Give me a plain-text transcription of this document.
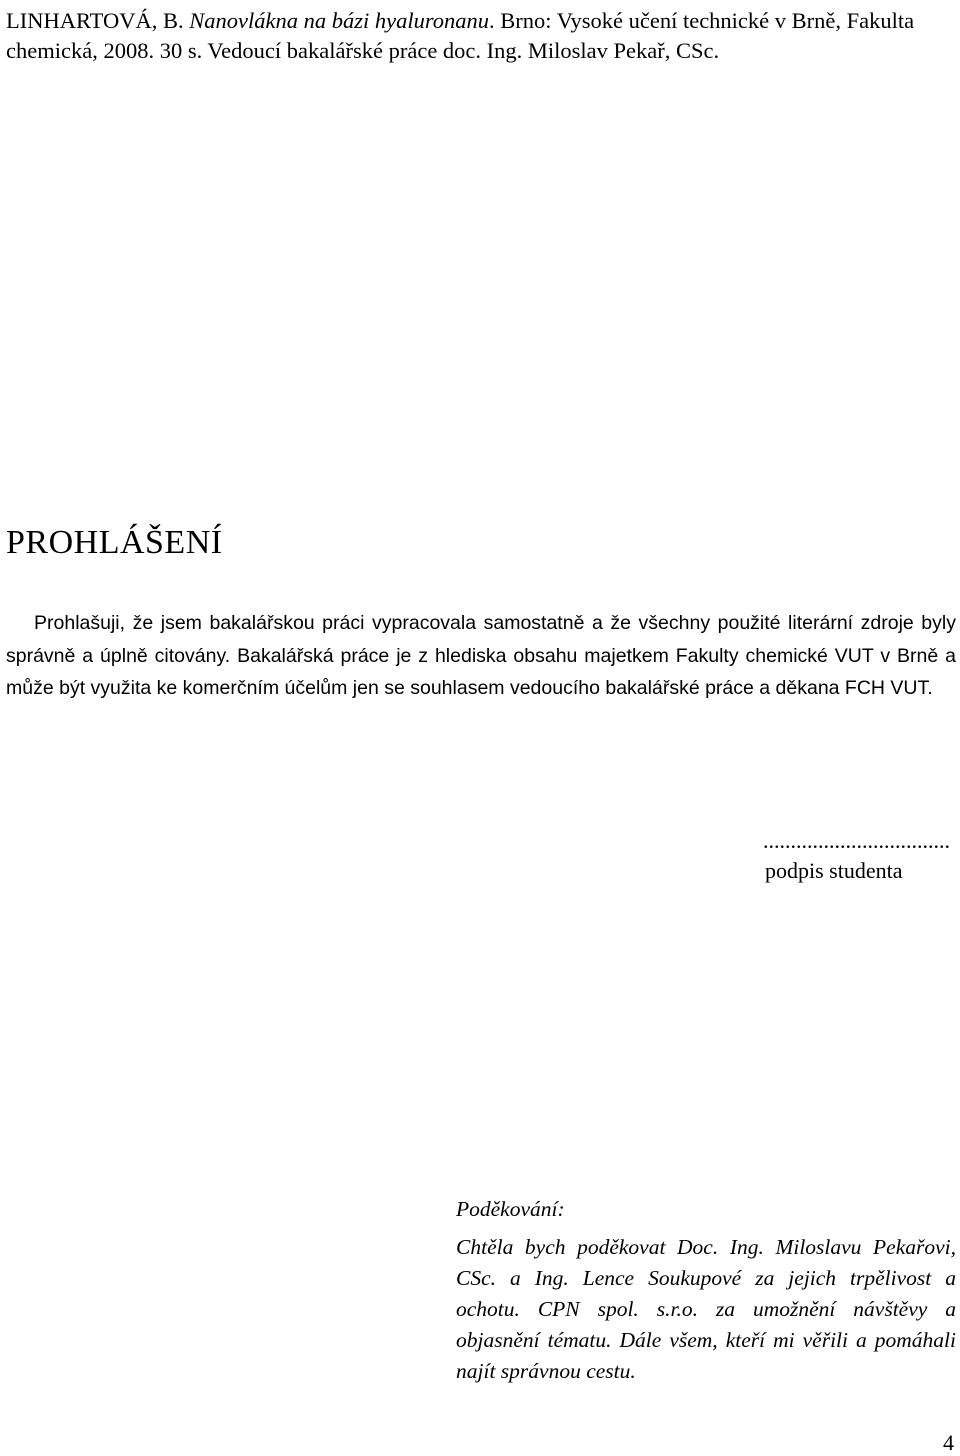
LINHARTOVÁ, B. Nanovlákna na bázi hyaluronanu. Brno: Vysoké učení technické v Brně, Fakulta chemická, 2008. 30 s. Vedoucí bakalářské práce doc. Ing. Miloslav Pekař, CSc.
PROHLÁŠENÍ
Prohlašuji, že jsem bakalářskou práci vypracovala samostatně a že všechny použité literární zdroje byly správně a úplně citovány. Bakalářská práce je z hlediska obsahu majetkem Fakulty chemické VUT v Brně a může být využita ke komerčním účelům jen se souhlasem vedoucího bakalářské práce a děkana FCH VUT.
..................................
podpis studenta
Poděkování:
Chtěla bych poděkovat Doc. Ing. Miloslavu Pekařovi, CSc. a Ing. Lence Soukupové za jejich trpělivost a ochotu. CPN spol. s.r.o. za umožnění návštěvy a objasnění tématu. Dále všem, kteří mi věřili a pomáhali najít správnou cestu.
4
